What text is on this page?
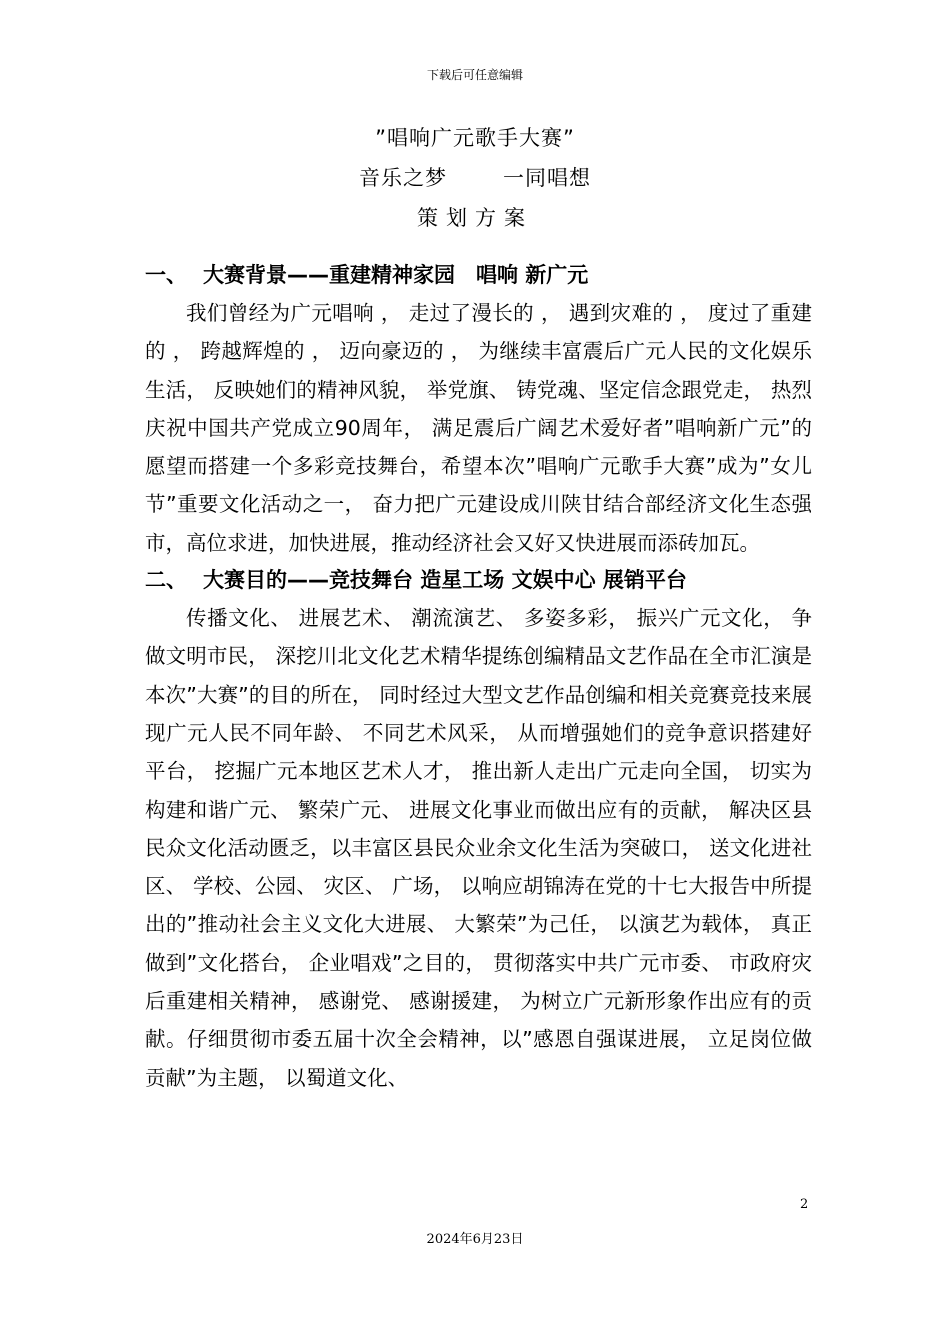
下载后可任意编辑
”唱响广元歌手大赛”
音乐之梦	一同唱想
策划方案
一、 大赛背景——重建精神家园　唱响 新广元

我们曾经为广元唱响 ， 走过了漫长的 ， 遇到灾难的 ， 度过了重建的 ， 跨越辉煌的 ， 迈向豪迈的 ， 为继续丰富震后广元人民的文化娱乐生活， 反映她们的精神风貌， 举党旗、 铸党魂、坚定信念跟党走， 热烈庆祝中国共产党成立90周年， 满足震后广阔艺术爱好者”唱响新广元”的愿望而搭建一个多彩竞技舞台，希望本次”唱响广元歌手大赛”成为”女儿节”重要文化活动之一， 奋力把广元建设成川陕甘结合部经济文化生态强市，高位求进，加快进展，推动经济社会又好又快进展而添砖加瓦。

二、 大赛目的——竞技舞台 造星工场 文娱中心 展销平台

传播文化、 进展艺术、 潮流演艺、 多姿多彩， 振兴广元文化， 争做文明市民， 深挖川北文化艺术精华提练创编精品文艺作品在全市汇演是本次”大赛”的目的所在， 同时经过大型文艺作品创编和相关竞赛竞技来展现广元人民不同年龄、 不同艺术风采， 从而增强她们的竞争意识搭建好平台， 挖掘广元本地区艺术人才， 推出新人走出广元走向全国， 切实为构建和谐广元、 繁荣广元、 进展文化事业而做出应有的贡献， 解决区县民众文化活动匮乏，以丰富区县民众业余文化生活为突破口， 送文化进社区、 学校、公园、 灾区、 广场， 以响应胡锦涛在党的十七大报告中所提出的”推动社会主义文化大进展、 大繁荣”为己任， 以演艺为载体， 真正做到”文化搭台， 企业唱戏”之目的， 贯彻落实中共广元市委、 市政府灾后重建相关精神， 感谢党、 感谢援建， 为树立广元新形象作出应有的贡献。仔细贯彻市委五届十次全会精神，以”感恩自强谋进展， 立足岗位做贡献”为主题， 以蜀道文化、

2
2024年6月23日
